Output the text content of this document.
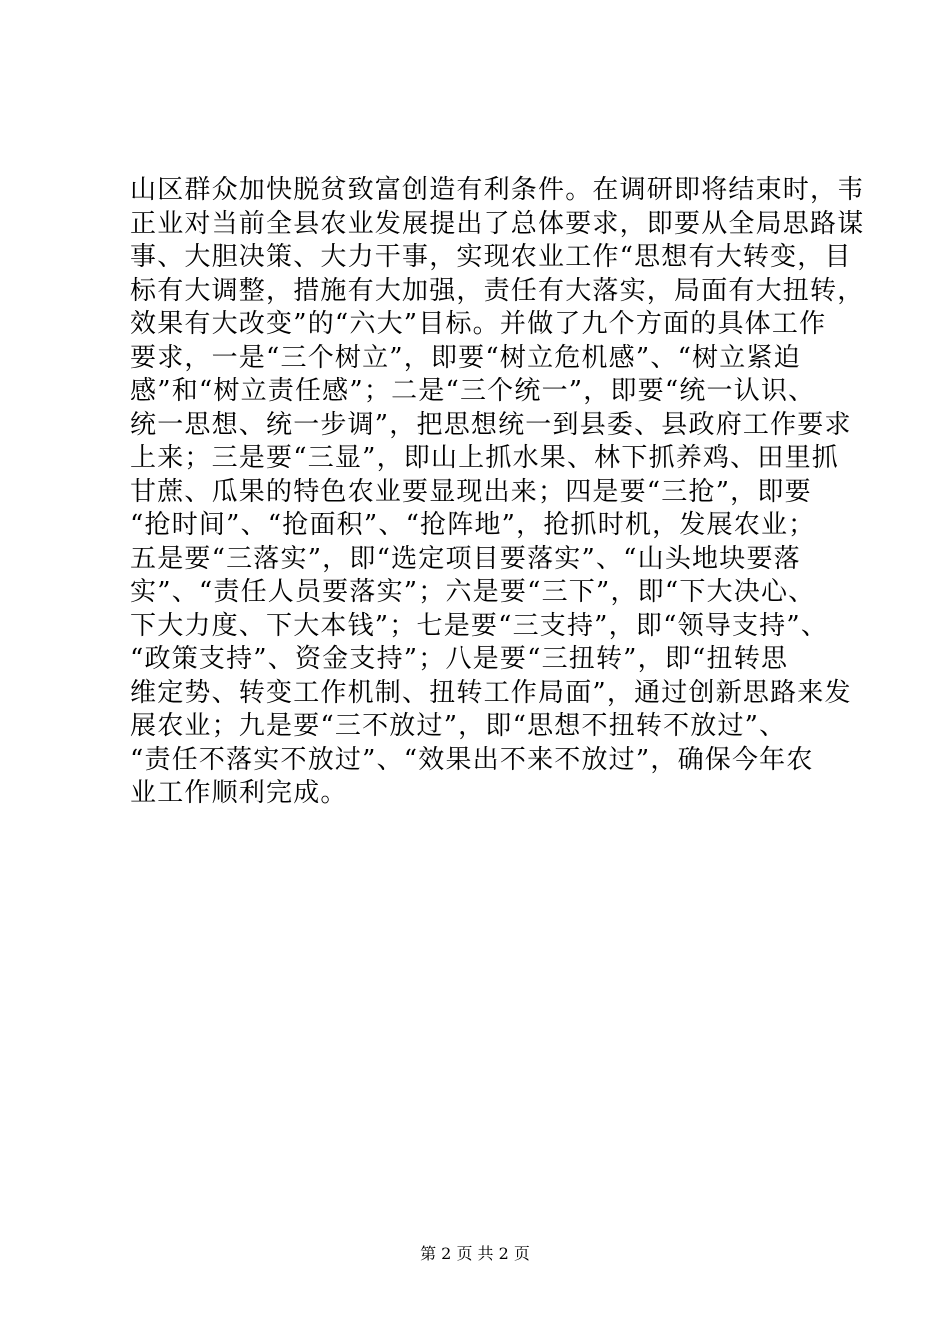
山区群众加快脱贫致富创造有利条件。在调研即将结束时，韦
正业对当前全县农业发展提出了总体要求，即要从全局思路谋
事、大胆决策、大力干事，实现农业工作“思想有大转变，目
标有大调整，措施有大加强，责任有大落实，局面有大扭转，
效果有大改变”的“六大”目标。并做了九个方面的具体工作
要求，一是“三个树立”，即要“树立危机感”、“树立紧迫
感”和“树立责任感”；二是“三个统一”，即要“统一认识、
统一思想、统一步调”，把思想统一到县委、县政府工作要求
上来；三是要“三显”，即山上抓水果、林下抓养鸡、田里抓
甘蔗、瓜果的特色农业要显现出来；四是要“三抢”，即要
“抢时间”、“抢面积”、“抢阵地”，抢抓时机，发展农业；
五是要“三落实”，即“选定项目要落实”、“山头地块要落
实”、“责任人员要落实”；六是要“三下”，即“下大决心、
下大力度、下大本钱”；七是要“三支持”，即“领导支持”、
“政策支持”、资金支持”；八是要“三扭转”，即“扭转思
维定势、转变工作机制、扭转工作局面”，通过创新思路来发
展农业；九是要“三不放过”，即“思想不扭转不放过”、
“责任不落实不放过”、“效果出不来不放过”，确保今年农
业工作顺利完成。
第 2 页 共 2 页
